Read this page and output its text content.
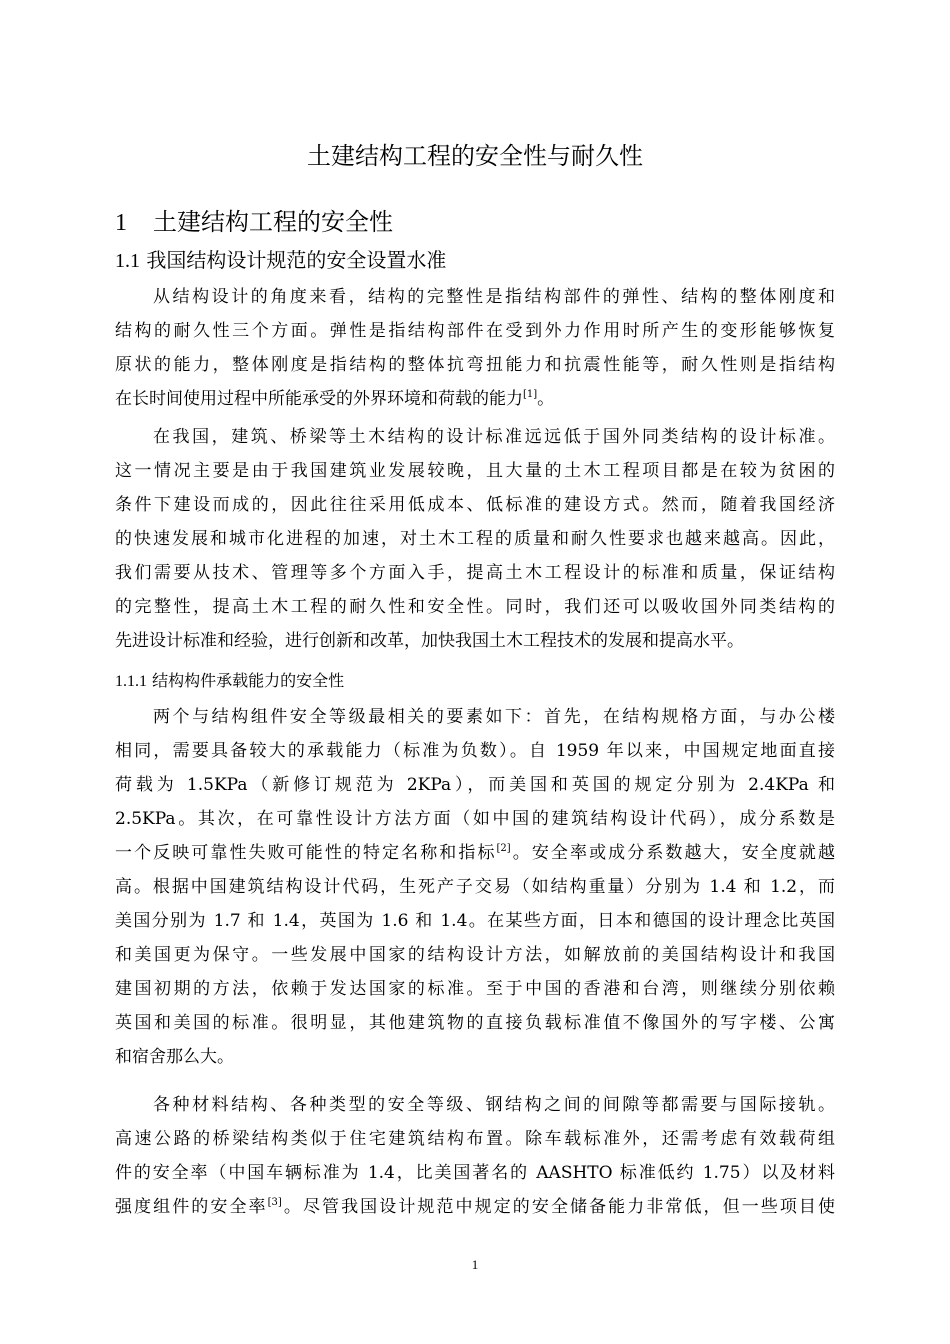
土建结构工程的安全性与耐久性
1 土建结构工程的安全性
1.1 我国结构设计规范的安全设置水准
从结构设计的角度来看，结构的完整性是指结构部件的弹性、结构的整体刚度和
结构的耐久性三个方面。弹性是指结构部件在受到外力作用时所产生的变形能够恢复
原状的能力，整体刚度是指结构的整体抗弯扭能力和抗震性能等，耐久性则是指结构
在长时间使用过程中所能承受的外界环境和荷载的能力[1]。
在我国，建筑、桥梁等土木结构的设计标准远远低于国外同类结构的设计标准。
这一情况主要是由于我国建筑业发展较晚，且大量的土木工程项目都是在较为贫困的
条件下建设而成的，因此往往采用低成本、低标准的建设方式。然而，随着我国经济
的快速发展和城市化进程的加速，对土木工程的质量和耐久性要求也越来越高。因此，
我们需要从技术、管理等多个方面入手，提高土木工程设计的标准和质量，保证结构
的完整性，提高土木工程的耐久性和安全性。同时，我们还可以吸收国外同类结构的
先进设计标准和经验，进行创新和改革，加快我国土木工程技术的发展和提高水平。
1.1.1 结构构件承载能力的安全性
两个与结构组件安全等级最相关的要素如下：首先，在结构规格方面，与办公楼
相同，需要具备较大的承载能力（标准为负数）。自 1959 年以来，中国规定地面直接
荷载为 1.5KPa（新修订规范为 2KPa），而美国和英国的规定分别为 2.4KPa 和
2.5KPa。其次，在可靠性设计方法方面（如中国的建筑结构设计代码），成分系数是
一个反映可靠性失败可能性的特定名称和指标[2]。安全率或成分系数越大，安全度就越
高。根据中国建筑结构设计代码，生死产子交易（如结构重量）分别为 1.4 和 1.2，而
美国分别为 1.7 和 1.4，英国为 1.6 和 1.4。在某些方面，日本和德国的设计理念比英国
和美国更为保守。一些发展中国家的结构设计方法，如解放前的美国结构设计和我国
建国初期的方法，依赖于发达国家的标准。至于中国的香港和台湾，则继续分别依赖
英国和美国的标准。很明显，其他建筑物的直接负载标准值不像国外的写字楼、公寓
和宿舍那么大。
各种材料结构、各种类型的安全等级、钢结构之间的间隙等都需要与国际接轨。
高速公路的桥梁结构类似于住宅建筑结构布置。除车载标准外，还需考虑有效载荷组
件的安全率（中国车辆标准为 1.4，比美国著名的 AASHTO 标准低约 1.75）以及材料
强度组件的安全率[3]。尽管我国设计规范中规定的安全储备能力非常低，但一些项目使
1
